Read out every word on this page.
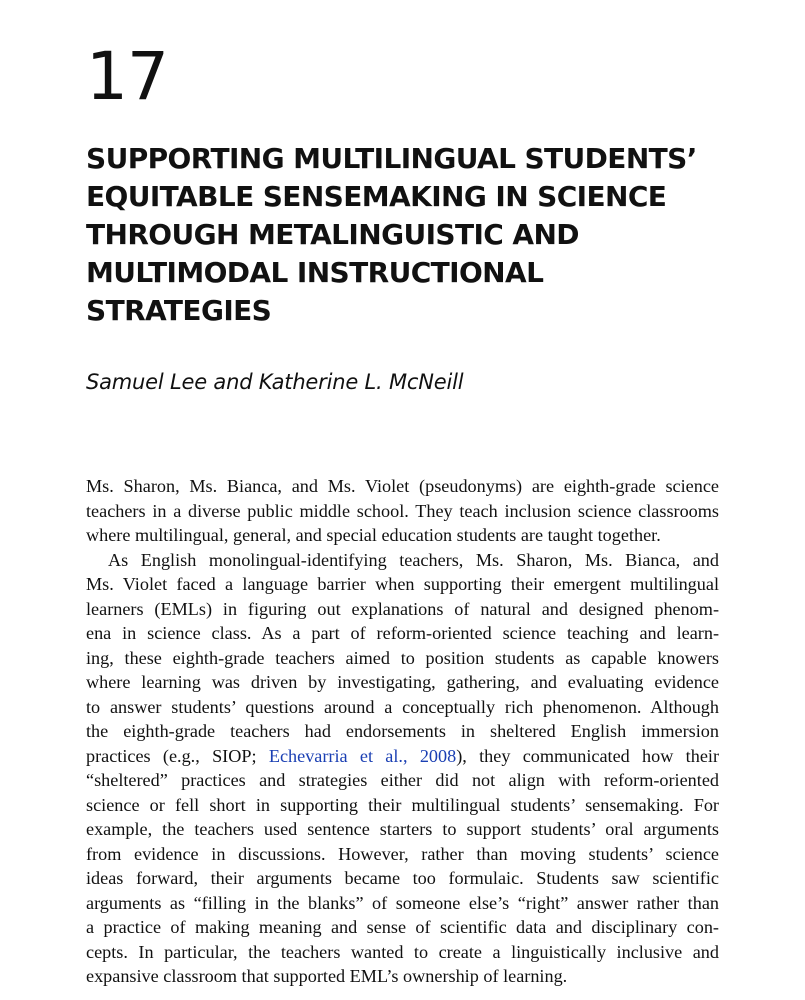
17
SUPPORTING MULTILINGUAL STUDENTS’
EQUITABLE SENSEMAKING IN SCIENCE
THROUGH METALINGUISTIC AND
MULTIMODAL INSTRUCTIONAL
STRATEGIES
Samuel Lee and Katherine L. McNeill
Ms. Sharon, Ms. Bianca, and Ms. Violet (pseudonyms) are eighth-grade science
teachers in a diverse public middle school. They teach inclusion science classrooms
where multilingual, general, and special education students are taught together.
As English monolingual-identifying teachers, Ms. Sharon, Ms. Bianca, and
Ms. Violet faced a language barrier when supporting their emergent multilingual
learners (EMLs) in figuring out explanations of natural and designed phenom-
ena in science class. As a part of reform-oriented science teaching and learn-
ing, these eighth-grade teachers aimed to position students as capable knowers
where learning was driven by investigating, gathering, and evaluating evidence
to answer students’ questions around a conceptually rich phenomenon. Although
the eighth-grade teachers had endorsements in sheltered English immersion
practices (e.g., SIOP; Echevarria et al., 2008), they communicated how their
“sheltered” practices and strategies either did not align with reform-oriented
science or fell short in supporting their multilingual students’ sensemaking. For
example, the teachers used sentence starters to support students’ oral arguments
from evidence in discussions. However, rather than moving students’ science
ideas forward, their arguments became too formulaic. Students saw scientific
arguments as “filling in the blanks” of someone else’s “right” answer rather than
a practice of making meaning and sense of scientific data and disciplinary con-
cepts. In particular, the teachers wanted to create a linguistically inclusive and
expansive classroom that supported EML’s ownership of learning.
